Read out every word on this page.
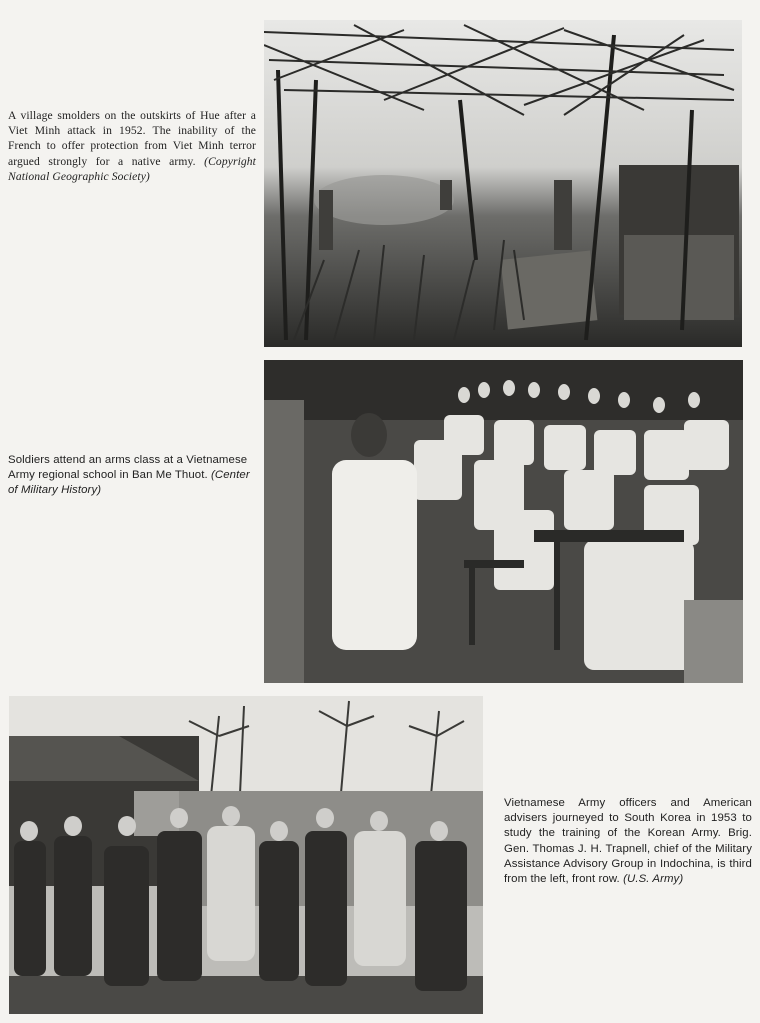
A village smolders on the outskirts of Hue after a Viet Minh attack in 1952. The inability of the French to offer protection from Viet Minh terror argued strongly for a native army. (Copyright National Geographic Society)
Soldiers attend an arms class at a Vietnamese Army regional school in Ban Me Thuot. (Center of Military History)
Vietnamese Army officers and American advisers journeyed to South Korea in 1953 to study the training of the Korean Army. Brig. Gen. Thomas J. H. Trapnell, chief of the Military Assistance Advisory Group in Indochina, is third from the left, front row. (U.S. Army)
